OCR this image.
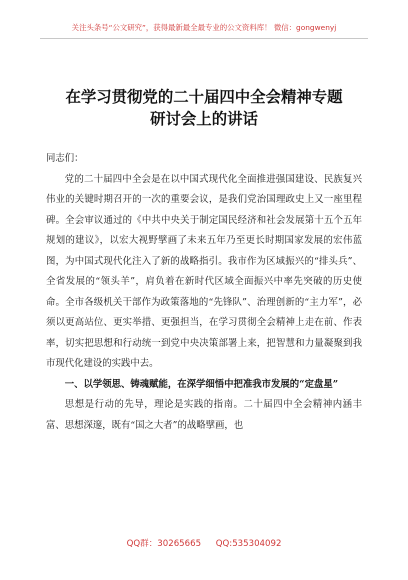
关注头条号“公文研究”，获得最新最全最专业的公文资料库！ 微信：gongwenyj
在学习贯彻党的二十届四中全会精神专题
研讨会上的讲话

同志们：

党的二十届四中全会是在以中国式现代化全面推进强国建设、民族复兴伟业的关键时期召开的一次的重要会议，是我们党治国理政史上又一座里程碑。全会审议通过的《中共中央关于制定国民经济和社会发展第十五个五年规划的建议》，以宏大视野擘画了未来五年乃至更长时期国家发展的宏伟蓝图，为中国式现代化注入了新的战略指引。我市作为区域振兴的“排头兵”、全省发展的“领头羊”，肩负着在新时代区域全面振兴中率先突破的历史使命。全市各级机关干部作为政策落地的“先锋队”、治理创新的“主力军”，必须以更高站位、更实举措、更强担当，在学习贯彻全会精神上走在前、作表率，切实把思想和行动统一到党中央决策部署上来，把智慧和力量凝聚到我市现代化建设的实践中去。

一、以学领思、铸魂赋能，在深学细悟中把准我市发展的“定盘星”

思想是行动的先导，理论是实践的指南。二十届四中全会精神内涵丰富、思想深邃，既有“国之大者”的战略擘画，也

QQ群：30265665 QQ:535304092
